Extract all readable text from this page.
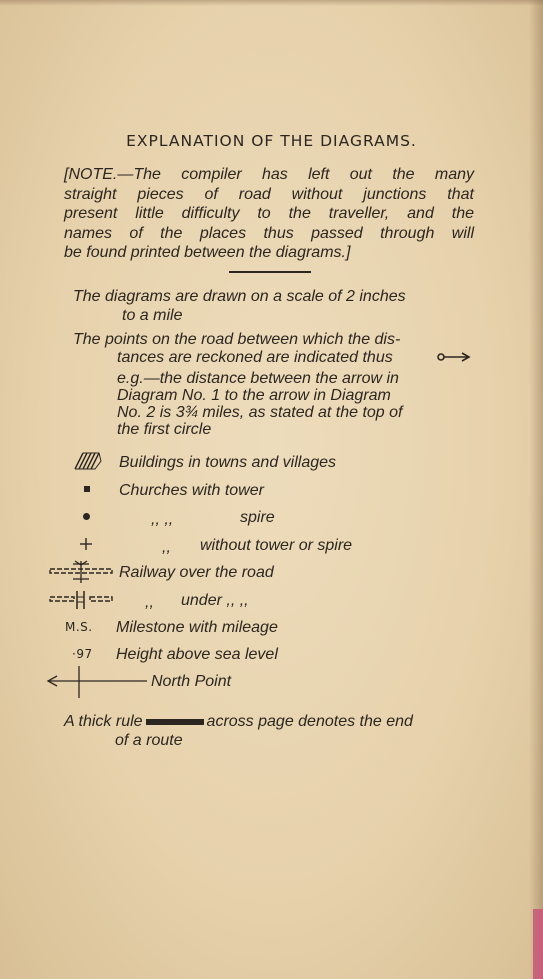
EXPLANATION OF THE DIAGRAMS.

[NOTE.—The compiler has left out the many

straight pieces of road without junctions that

present little difficulty to the traveller, and the

names of the places thus passed through will

be found printed between the diagrams.]

The diagrams are drawn on a scale of 2 inches
to a mile
The points on the road between which the dis-
tances are reckoned are indicated thus
e.g.—the distance between the arrow in
Diagram No. 1 to the arrow in Diagram
No. 2 is 3¾ miles, as stated at the top of
the first circle
Buildings in towns and villages
Churches with tower
,, ,,	spire
,, without tower or spire
Railway over the road
,, under ,, ,,
M.S. Milestone with mileage
·97 Height above sea level
North Point
A thick rule	across page denotes the end
of a route
